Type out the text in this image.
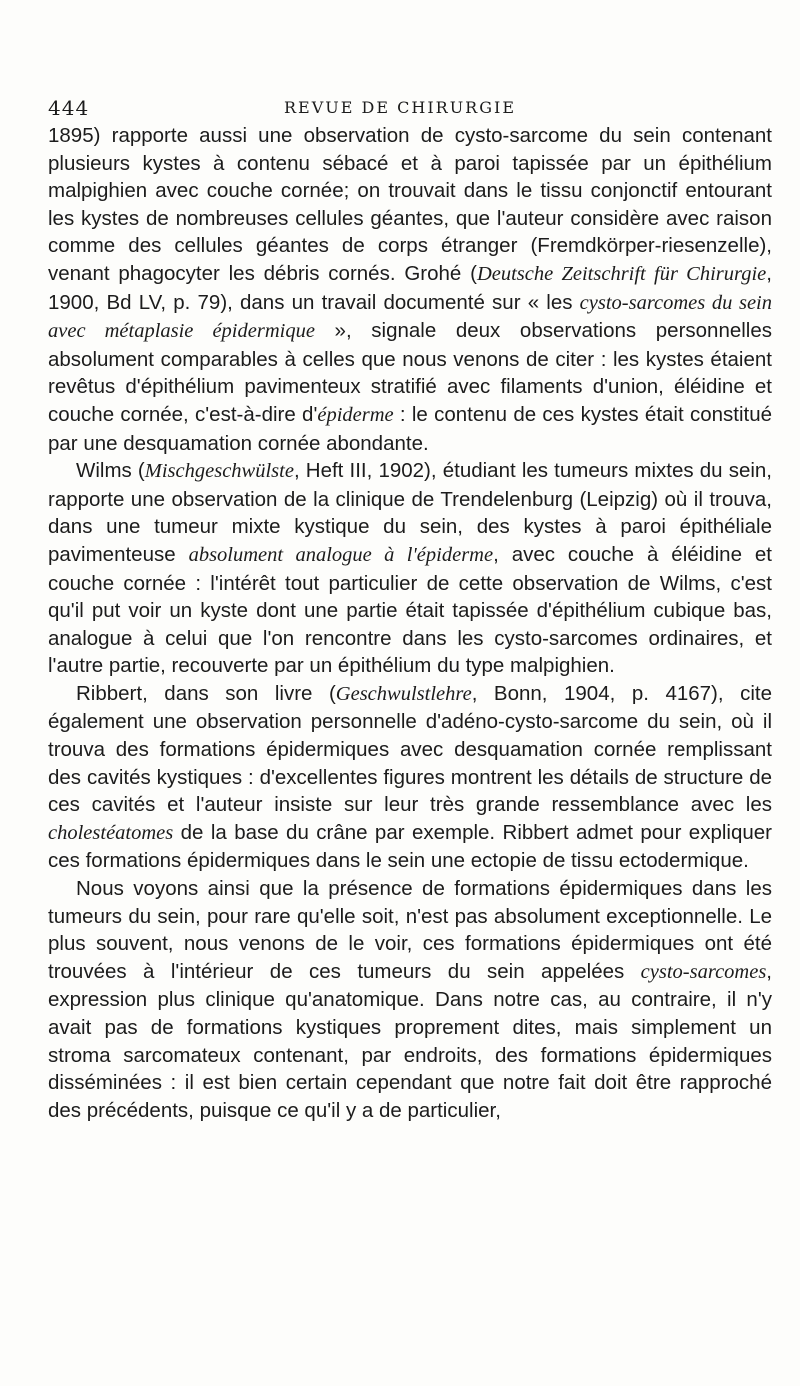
444	REVUE DE CHIRURGIE

1895) rapporte aussi une observation de cysto-sarcome du sein contenant plusieurs kystes à contenu sébacé et à paroi tapissée par un épithélium malpighien avec couche cornée; on trouvait dans le tissu conjonctif entourant les kystes de nombreuses cellules géantes, que l'auteur considère avec raison comme des cellules géantes de corps étranger (Fremdkörper-riesenzelle), venant phagocyter les débris cornés. Grohé (Deutsche Zeitschrift für Chirurgie, 1900, Bd LV, p. 79), dans un travail documenté sur « les cysto-sarcomes du sein avec métaplasie épidermique », signale deux observations personnelles absolument comparables à celles que nous venons de citer : les kystes étaient revêtus d'épithélium pavimenteux stratifié avec filaments d'union, éléidine et couche cornée, c'est-à-dire d'épiderme : le contenu de ces kystes était constitué par une desquamation cornée abondante.

Wilms (Mischgeschwülste, Heft III, 1902), étudiant les tumeurs mixtes du sein, rapporte une observation de la clinique de Trendelenburg (Leipzig) où il trouva, dans une tumeur mixte kystique du sein, des kystes à paroi épithéliale pavimenteuse absolument analogue à l'épiderme, avec couche à éléidine et couche cornée : l'intérêt tout particulier de cette observation de Wilms, c'est qu'il put voir un kyste dont une partie était tapissée d'épithélium cubique bas, analogue à celui que l'on rencontre dans les cysto-sarcomes ordinaires, et l'autre partie, recouverte par un épithélium du type malpighien.

Ribbert, dans son livre (Geschwulstlehre, Bonn, 1904, p. 4167), cite également une observation personnelle d'adéno-cysto-sarcome du sein, où il trouva des formations épidermiques avec desquamation cornée remplissant des cavités kystiques : d'excellentes figures montrent les détails de structure de ces cavités et l'auteur insiste sur leur très grande ressemblance avec les cholestéatomes de la base du crâne par exemple. Ribbert admet pour expliquer ces formations épidermiques dans le sein une ectopie de tissu ectodermique.

Nous voyons ainsi que la présence de formations épidermiques dans les tumeurs du sein, pour rare qu'elle soit, n'est pas absolument exceptionnelle. Le plus souvent, nous venons de le voir, ces formations épidermiques ont été trouvées à l'intérieur de ces tumeurs du sein appelées cysto-sarcomes, expression plus clinique qu'anatomique. Dans notre cas, au contraire, il n'y avait pas de formations kystiques proprement dites, mais simplement un stroma sarcomateux contenant, par endroits, des formations épidermiques disséminées : il est bien certain cependant que notre fait doit être rapproché des précédents, puisque ce qu'il y a de particulier,
